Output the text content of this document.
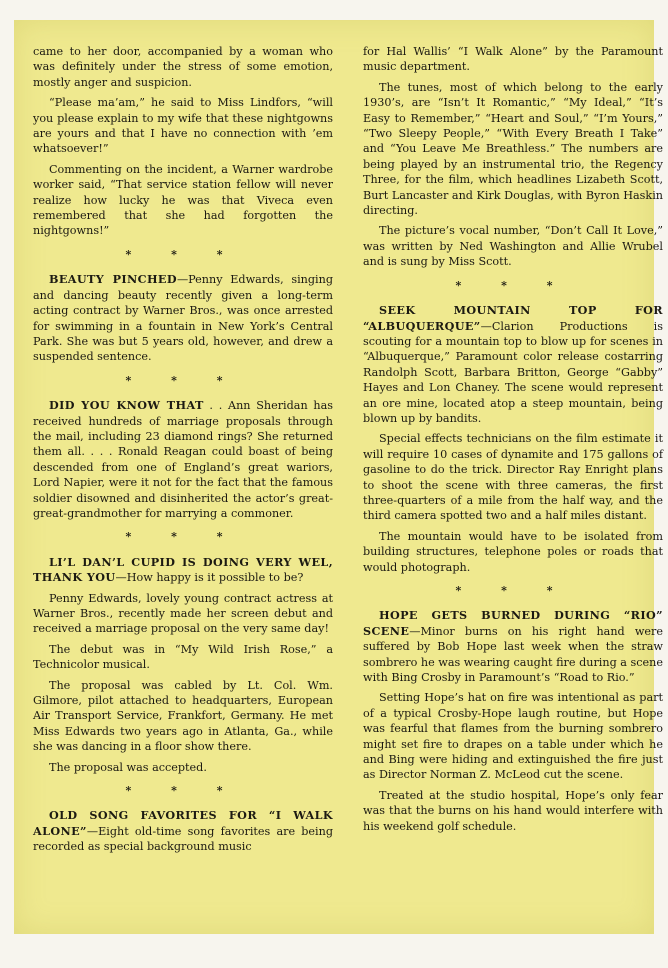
came to her door, accompanied by a woman who was definitely under the stress of some emotion, mostly anger and suspicion.

“Please ma’am,” he said to Miss Lindfors, “will you please explain to my wife that these nightgowns are yours and that I have no connection with ’em whatsoever!”

Commenting on the incident, a Warner wardrobe worker said, “That service station fellow will never realize how lucky he was that Viveca even remembered that she had forgotten the nightgowns!”

* * *

BEAUTY PINCHED—Penny Edwards, singing and dancing beauty recently given a long-term acting contract by Warner Bros., was once arrested for swimming in a fountain in New York’s Central Park. She was but 5 years old, however, and drew a suspended sentence.

* * *

DID YOU KNOW THAT . . Ann Sheridan has received hundreds of marriage proposals through the mail, including 23 diamond rings? She returned them all. . . . Ronald Reagan could boast of being descended from one of England’s great wariors, Lord Napier, were it not for the fact that the famous soldier disowned and disinherited the actor’s great-great-grandmother for marrying a commoner.

* * *

LI’L DAN’L CUPID IS DOING VERY WEL, THANK YOU—How happy is it possible to be?

Penny Edwards, lovely young contract actress at Warner Bros., recently made her screen debut and received a marriage proposal on the very same day!

The debut was in “My Wild Irish Rose,” a Technicolor musical.

The proposal was cabled by Lt. Col. Wm. Gilmore, pilot attached to headquarters, European Air Transport Service, Frankfort, Germany. He met Miss Edwards two years ago in Atlanta, Ga., while she was dancing in a floor show there.

The proposal was accepted.

* * *

OLD SONG FAVORITES FOR “I WALK ALONE”—Eight old-time song favorites are being recorded as special background music

for Hal Wallis’ “I Walk Alone” by the Paramount music department.

The tunes, most of which belong to the early 1930’s, are “Isn’t It Romantic,” “My Ideal,” “It’s Easy to Remember,” “Heart and Soul,” “I’m Yours,” “Two Sleepy People,” “With Every Breath I Take” and “You Leave Me Breathless.” The numbers are being played by an instrumental trio, the Regency Three, for the film, which headlines Lizabeth Scott, Burt Lancaster and Kirk Douglas, with Byron Haskin directing.

The picture’s vocal number, “Don’t Call It Love,” was written by Ned Washington and Allie Wrubel and is sung by Miss Scott.

* * *

SEEK MOUNTAIN TOP FOR “ALBUQUERQUE”—Clarion Productions is scouting for a mountain top to blow up for scenes in “Albuquerque,” Paramount color release costarring Randolph Scott, Barbara Britton, George “Gabby” Hayes and Lon Chaney. The scene would represent an ore mine, located atop a steep mountain, being blown up by bandits.

Special effects technicians on the film estimate it will require 10 cases of dynamite and 175 gallons of gasoline to do the trick. Director Ray Enright plans to shoot the scene with three cameras, the first three-quarters of a mile from the half way, and the third camera spotted two and a half miles distant.

The mountain would have to be isolated from building structures, telephone poles or roads that would photograph.

* * *

HOPE GETS BURNED DURING “RIO” SCENE—Minor burns on his right hand were suffered by Bob Hope last week when the straw sombrero he was wearing caught fire during a scene with Bing Crosby in Paramount’s “Road to Rio.”

Setting Hope’s hat on fire was intentional as part of a typical Crosby-Hope laugh routine, but Hope was fearful that flames from the burning sombrero might set fire to drapes on a table under which he and Bing were hiding and extinguished the fire just as Director Norman Z. McLeod cut the scene.

Treated at the studio hospital, Hope’s only fear was that the burns on his hand would interfere with his weekend golf schedule.
